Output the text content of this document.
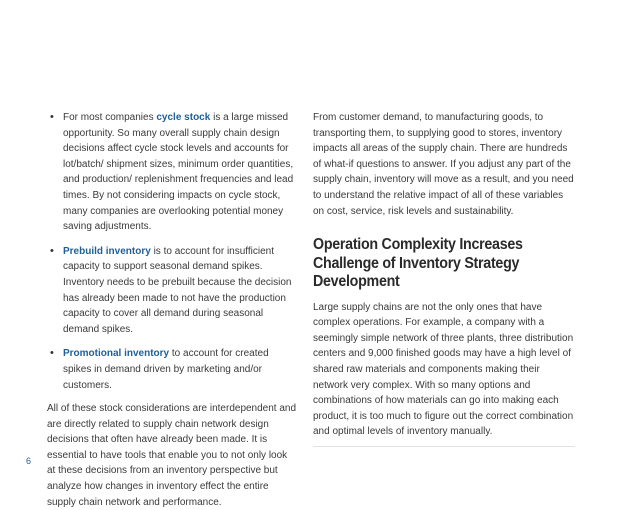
• For most companies cycle stock is a large missed opportunity. So many overall supply chain design decisions affect cycle stock levels and accounts for lot/batch/ shipment sizes, minimum order quantities, and production/ replenishment frequencies and lead times. By not considering impacts on cycle stock, many companies are overlooking potential money saving adjustments.
• Prebuild inventory is to account for insufficient capacity to support seasonal demand spikes. Inventory needs to be prebuilt because the decision has already been made to not have the production capacity to cover all demand during seasonal demand spikes.
• Promotional inventory to account for created spikes in demand driven by marketing and/or customers.

All of these stock considerations are interdependent and are directly related to supply chain network design decisions that often have already been made. It is essential to have tools that enable you to not only look at these decisions from an inventory perspective but analyze how changes in inventory effect the entire supply chain network and performance.

From customer demand, to manufacturing goods, to transporting them, to supplying good to stores, inventory impacts all areas of the supply chain. There are hundreds of what-if questions to answer. If you adjust any part of the supply chain, inventory will move as a result, and you need to understand the relative impact of all of these variables on cost, service, risk levels and sustainability.

Operation Complexity Increases Challenge of Inventory Strategy Development

Large supply chains are not the only ones that have complex operations. For example, a company with a seemingly simple network of three plants, three distribution centers and 9,000 finished goods may have a high level of shared raw materials and components making their network very complex. With so many options and combinations of how materials can go into making each product, it is too much to figure out the correct combination and optimal levels of inventory manually.

6
